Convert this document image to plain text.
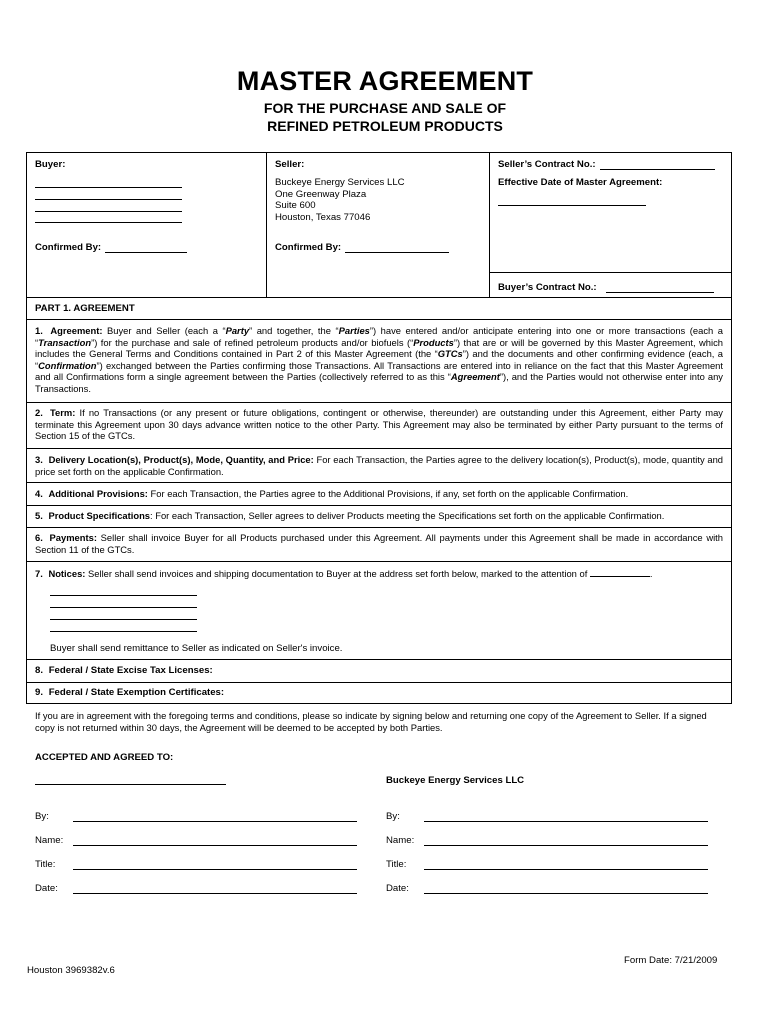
MASTER AGREEMENT
FOR THE PURCHASE AND SALE OF
REFINED PETROLEUM PRODUCTS
Buyer:
Confirmed By:
Seller:
Buckeye Energy Services LLC
One Greenway Plaza
Suite 600
Houston, Texas 77046
Confirmed By:
Seller’s Contract No.:
Effective Date of Master Agreement:
Buyer’s Contract No.:
PART 1. AGREEMENT
1. Agreement: Buyer and Seller (each a “Party” and together, the “Parties”) have entered and/or anticipate entering into one or more transactions (each a “Transaction”) for the purchase and sale of refined petroleum products and/or biofuels (“Products”) that are or will be governed by this Master Agreement, which includes the General Terms and Conditions contained in Part 2 of this Master Agreement (the “GTCs”) and the documents and other confirming evidence (each, a “Confirmation”) exchanged between the Parties confirming those Transactions. All Transactions are entered into in reliance on the fact that this Master Agreement and all Confirmations form a single agreement between the Parties (collectively referred to as this “Agreement”), and the Parties would not otherwise enter into any Transactions.
2. Term: If no Transactions (or any present or future obligations, contingent or otherwise, thereunder) are outstanding under this Agreement, either Party may terminate this Agreement upon 30 days advance written notice to the other Party. This Agreement may also be terminated by either Party pursuant to the terms of Section 15 of the GTCs.
3. Delivery Location(s), Product(s), Mode, Quantity, and Price: For each Transaction, the Parties agree to the delivery location(s), Product(s), mode, quantity and price set forth on the applicable Confirmation.
4. Additional Provisions: For each Transaction, the Parties agree to the Additional Provisions, if any, set forth on the applicable Confirmation.
5. Product Specifications: For each Transaction, Seller agrees to deliver Products meeting the Specifications set forth on the applicable Confirmation.
6. Payments: Seller shall invoice Buyer for all Products purchased under this Agreement. All payments under this Agreement shall be made in accordance with Section 11 of the GTCs.
7. Notices: Seller shall send invoices and shipping documentation to Buyer at the address set forth below, marked to the attention of	.
Buyer shall send remittance to Seller as indicated on Seller's invoice.
8. Federal / State Excise Tax Licenses:
9. Federal / State Exemption Certificates:
If you are in agreement with the foregoing terms and conditions, please so indicate by signing below and returning one copy of the Agreement to Seller. If a signed copy is not returned within 30 days, the Agreement will be deemed to be accepted by both Parties.
ACCEPTED AND AGREED TO:
By:
Name:
Title:
Date:
Buckeye Energy Services LLC
By:
Name:
Title:
Date:
Form Date: 7/21/2009
Houston 3969382v.6
